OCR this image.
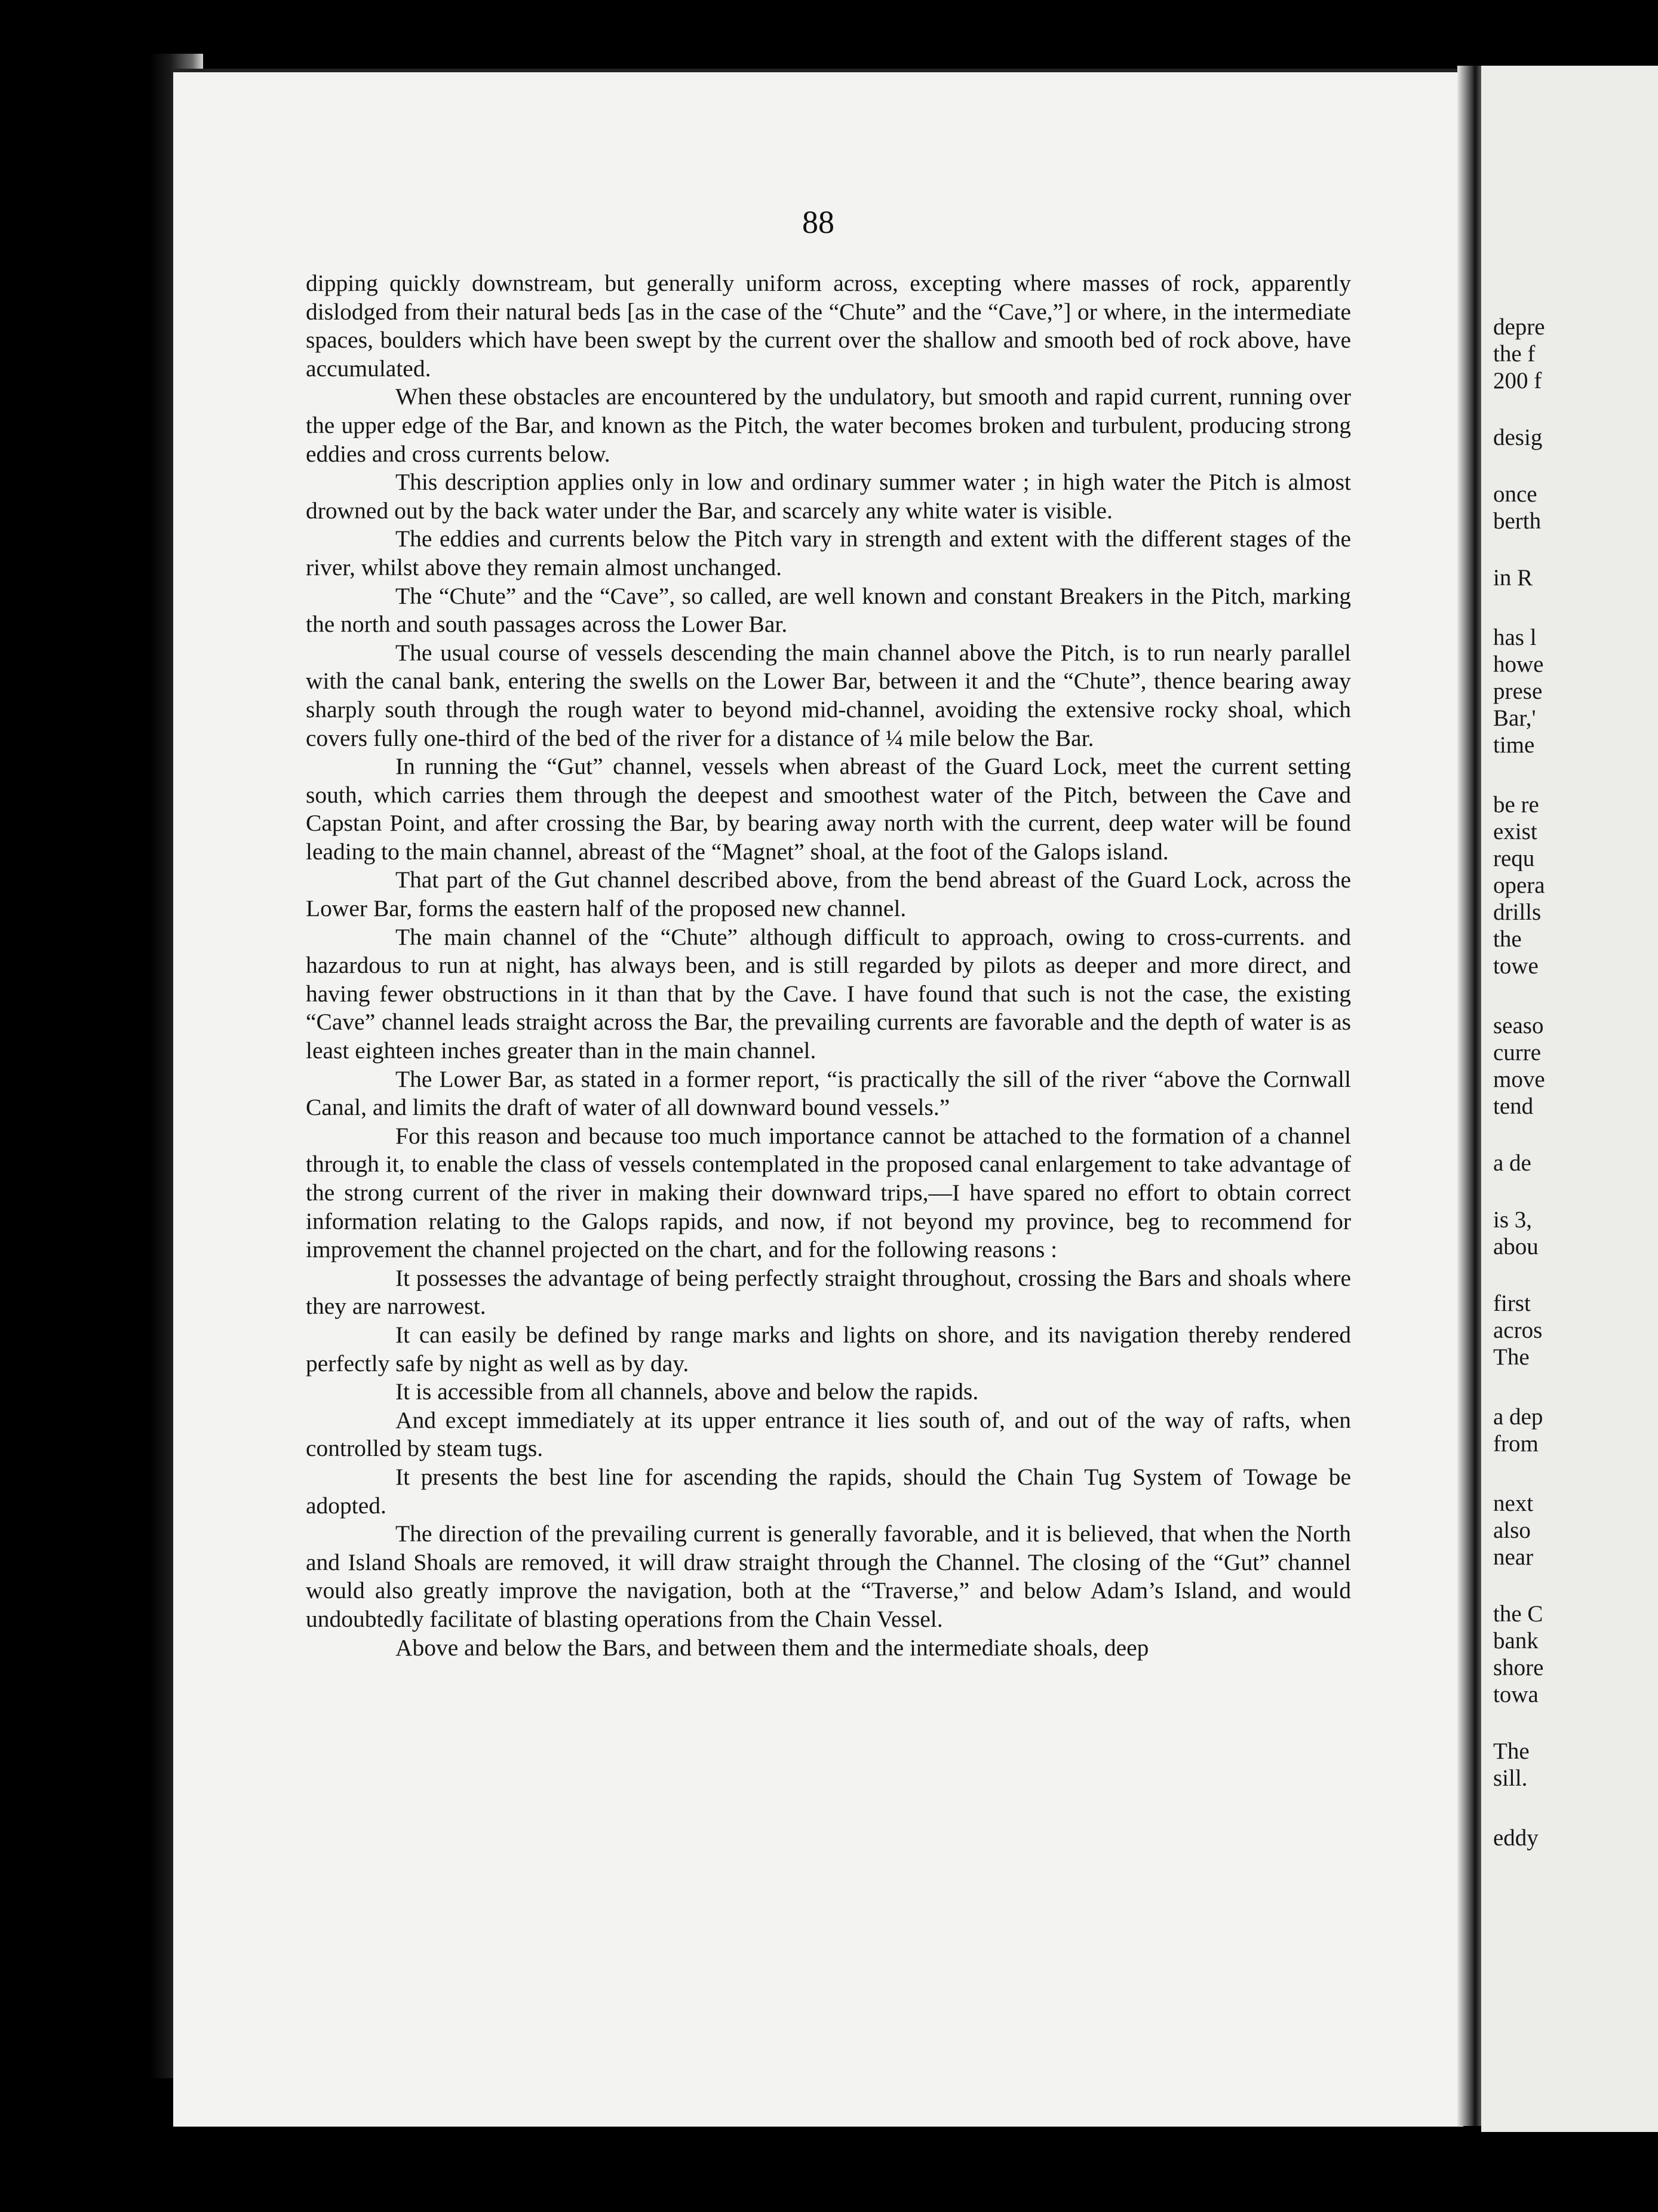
88

dipping quickly downstream, but generally uniform across, excepting where masses of rock, apparently dislodged from their natural beds [as in the case of the “Chute” and the “Cave,”] or where, in the intermediate spaces, boulders which have been swept by the current over the shallow and smooth bed of rock above, have accumulated.

When these obstacles are encountered by the undulatory, but smooth and rapid current, running over the upper edge of the Bar, and known as the Pitch, the water becomes broken and turbulent, producing strong eddies and cross currents below.

This description applies only in low and ordinary summer water ; in high water the Pitch is almost drowned out by the back water under the Bar, and scarcely any white water is visible.

The eddies and currents below the Pitch vary in strength and extent with the different stages of the river, whilst above they remain almost unchanged.

The “Chute” and the “Cave”, so called, are well known and constant Breakers in the Pitch, marking the north and south passages across the Lower Bar.

The usual course of vessels descending the main channel above the Pitch, is to run nearly parallel with the canal bank, entering the swells on the Lower Bar, between it and the “Chute”, thence bearing away sharply south through the rough water to beyond mid-channel, avoiding the extensive rocky shoal, which covers fully one-third of the bed of the river for a distance of ¼ mile below the Bar.

In running the “Gut” channel, vessels when abreast of the Guard Lock, meet the current setting south, which carries them through the deepest and smoothest water of the Pitch, between the Cave and Capstan Point, and after crossing the Bar, by bearing away north with the current, deep water will be found leading to the main channel, abreast of the “Magnet” shoal, at the foot of the Galops island.

That part of the Gut channel described above, from the bend abreast of the Guard Lock, across the Lower Bar, forms the eastern half of the proposed new channel.

The main channel of the “Chute” although difficult to approach, owing to cross-currents. and hazardous to run at night, has always been, and is still regarded by pilots as deeper and more direct, and having fewer obstructions in it than that by the Cave. I have found that such is not the case, the existing “Cave” channel leads straight across the Bar, the prevailing currents are favorable and the depth of water is as least eighteen inches greater than in the main channel.

The Lower Bar, as stated in a former report, “is practically the sill of the river “above the Cornwall Canal, and limits the draft of water of all downward bound vessels.”

For this reason and because too much importance cannot be attached to the formation of a channel through it, to enable the class of vessels contemplated in the proposed canal enlargement to take advantage of the strong current of the river in making their downward trips,—I have spared no effort to obtain correct information relating to the Galops rapids, and now, if not beyond my province, beg to recommend for improvement the channel projected on the chart, and for the following reasons :

It possesses the advantage of being perfectly straight throughout, crossing the Bars and shoals where they are narrowest.

It can easily be defined by range marks and lights on shore, and its navigation thereby rendered perfectly safe by night as well as by day.

It is accessible from all channels, above and below the rapids.

And except immediately at its upper entrance it lies south of, and out of the way of rafts, when controlled by steam tugs.

It presents the best line for ascending the rapids, should the Chain Tug System of Towage be adopted.

The direction of the prevailing current is generally favorable, and it is believed, that when the North and Island Shoals are removed, it will draw straight through the Channel. The closing of the “Gut” channel would also greatly improve the navigation, both at the “Traverse,” and below Adam’s Island, and would undoubtedly facilitate of blasting operations from the Chain Vessel.

Above and below the Bars, and between them and the intermediate shoals, deep

depre
the f
200 f
desig
once
berth
in R
has l
howe
prese
Bar,'
time
be re
exist
requ
opera
drills
the
towe
seaso
curre
move
tend
a de
is 3,
abou
first
acros
The
a dep
from
next
also
near
the C
bank
shore
towa
The
sill.
eddy
